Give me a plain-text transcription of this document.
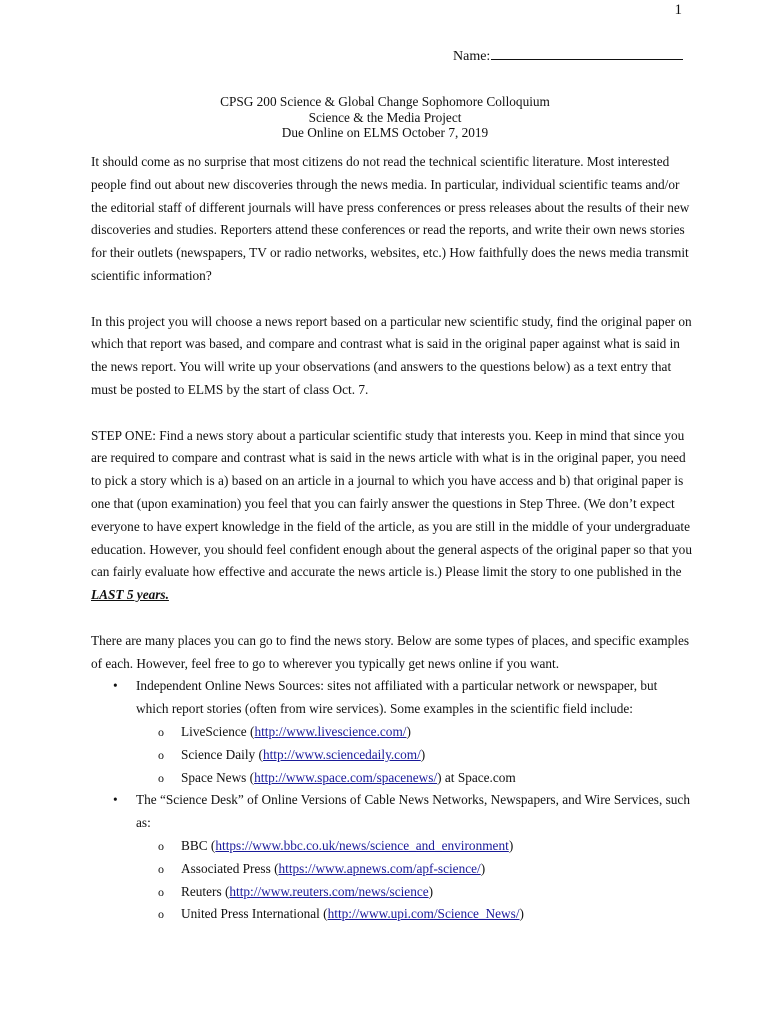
1
Name:
CPSG 200 Science & Global Change Sophomore Colloquium
Science & the Media Project
Due Online on ELMS October 7, 2019

It should come as no surprise that most citizens do not read the technical scientific literature. Most interested people find out about new discoveries through the news media. In particular, individual scientific teams and/or the editorial staff of different journals will have press conferences or press releases about the results of their new discoveries and studies. Reporters attend these conferences or read the reports, and write their own news stories for their outlets (newspapers, TV or radio networks, websites, etc.) How faithfully does the news media transmit scientific information?

In this project you will choose a news report based on a particular new scientific study, find the original paper on which that report was based, and compare and contrast what is said in the original paper against what is said in the news report. You will write up your observations (and answers to the questions below) as a text entry that must be posted to ELMS by the start of class Oct. 7.

STEP ONE: Find a news story about a particular scientific study that interests you. Keep in mind that since you are required to compare and contrast what is said in the news article with what is in the original paper, you need to pick a story which is a) based on an article in a journal to which you have access and b) that original paper is one that (upon examination) you feel that you can fairly answer the questions in Step Three. (We don’t expect everyone to have expert knowledge in the field of the article, as you are still in the middle of your undergraduate education. However, you should feel confident enough about the general aspects of the original paper so that you can fairly evaluate how effective and accurate the news article is.) Please limit the story to one published in the LAST 5 years.

There are many places you can go to find the news story. Below are some types of places, and specific examples of each. However, feel free to go to wherever you typically get news online if you want.

• Independent Online News Sources: sites not affiliated with a particular network or newspaper, but which report stories (often from wire services). Some examples in the scientific field include:
o LiveScience (http://www.livescience.com/)
o Science Daily (http://www.sciencedaily.com/)
o Space News (http://www.space.com/spacenews/) at Space.com
• The “Science Desk” of Online Versions of Cable News Networks, Newspapers, and Wire Services, such as:
o BBC (https://www.bbc.co.uk/news/science_and_environment)
o Associated Press (https://www.apnews.com/apf-science/)
o Reuters (http://www.reuters.com/news/science)
o United Press International (http://www.upi.com/Science_News/)
